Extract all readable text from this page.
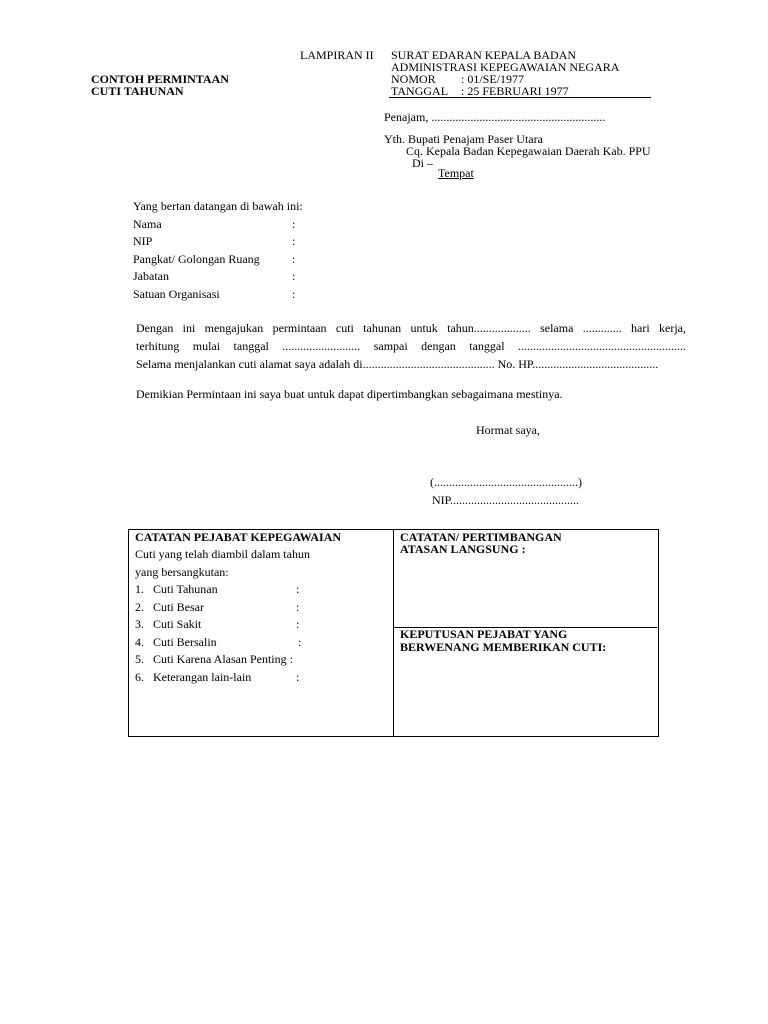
LAMPIRAN II SURAT EDARAN KEPALA BADAN
ADMINISTRASI KEPEGAWAIAN NEGARA
NOMOR : 01/SE/1977
TANGGAL : 25 FEBRUARI 1977
CONTOH PERMINTAAN
CUTI TAHUNAN
Penajam, ..........................................................
Yth. Bupati Penajam Paser Utara
Cq. Kepala Badan Kepegawaian Daerah Kab. PPU
Di –
Tempat
Yang bertan datangan di bawah ini:
Nama	:
NIP	:
Pangkat/ Golongan Ruang	:
Jabatan	:
Satuan Organisasi	:
Dengan ini mengajukan permintaan cuti tahunan untuk tahun................... selama ............. hari kerja,
terhitung mulai tanggal .......................... sampai dengan tanggal ........................................................
Selama menjalankan cuti alamat saya adalah di............................................ No. HP..........................................
Demikian Permintaan ini saya buat untuk dapat dipertimbangkan sebagaimana mestinya.
Hormat saya,
(................................................)
NIP...........................................
CATATAN PEJABAT KEPEGAWAIAN
Cuti yang telah diambil dalam tahun
yang bersangkutan:
1. Cuti Tahunan	:
2. Cuti Besar	:
3. Cuti Sakit	:
4. Cuti Bersalin	:
5. Cuti Karena Alasan Penting :
6. Keterangan lain-lain	:
CATATAN/ PERTIMBANGAN
ATASAN LANGSUNG :
KEPUTUSAN PEJABAT YANG
BERWENANG MEMBERIKAN CUTI:
